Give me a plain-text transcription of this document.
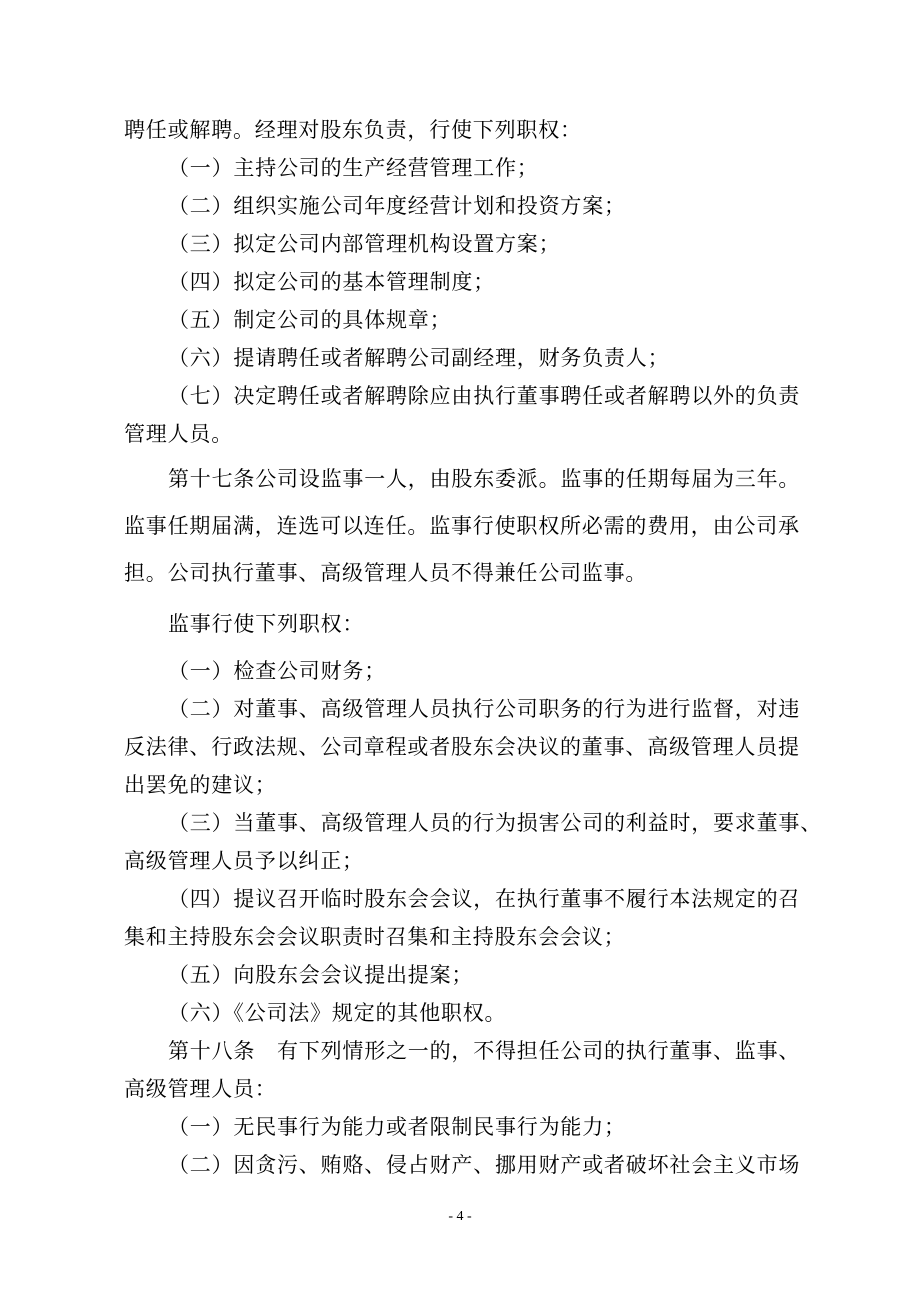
聘任或解聘。经理对股东负责，行使下列职权：
（一）主持公司的生产经营管理工作；
（二）组织实施公司年度经营计划和投资方案；
（三）拟定公司内部管理机构设置方案；
（四）拟定公司的基本管理制度；
（五）制定公司的具体规章；
（六）提请聘任或者解聘公司副经理，财务负责人；
（七）决定聘任或者解聘除应由执行董事聘任或者解聘以外的负责
管理人员。
第十七条公司设监事一人，由股东委派。监事的任期每届为三年。
监事任期届满，连选可以连任。监事行使职权所必需的费用，由公司承
担。公司执行董事、高级管理人员不得兼任公司监事。
监事行使下列职权：
（一）检查公司财务；
（二）对董事、高级管理人员执行公司职务的行为进行监督，对违
反法律、行政法规、公司章程或者股东会决议的董事、高级管理人员提
出罢免的建议；
（三）当董事、高级管理人员的行为损害公司的利益时，要求董事、
高级管理人员予以纠正；
（四）提议召开临时股东会会议，在执行董事不履行本法规定的召
集和主持股东会会议职责时召集和主持股东会会议；
（五）向股东会会议提出提案；
（六）《公司法》规定的其他职权。
第十八条　有下列情形之一的，不得担任公司的执行董事、监事、
高级管理人员：
（一）无民事行为能力或者限制民事行为能力；
（二）因贪污、贿赂、侵占财产、挪用财产或者破坏社会主义市场
- 4 -
